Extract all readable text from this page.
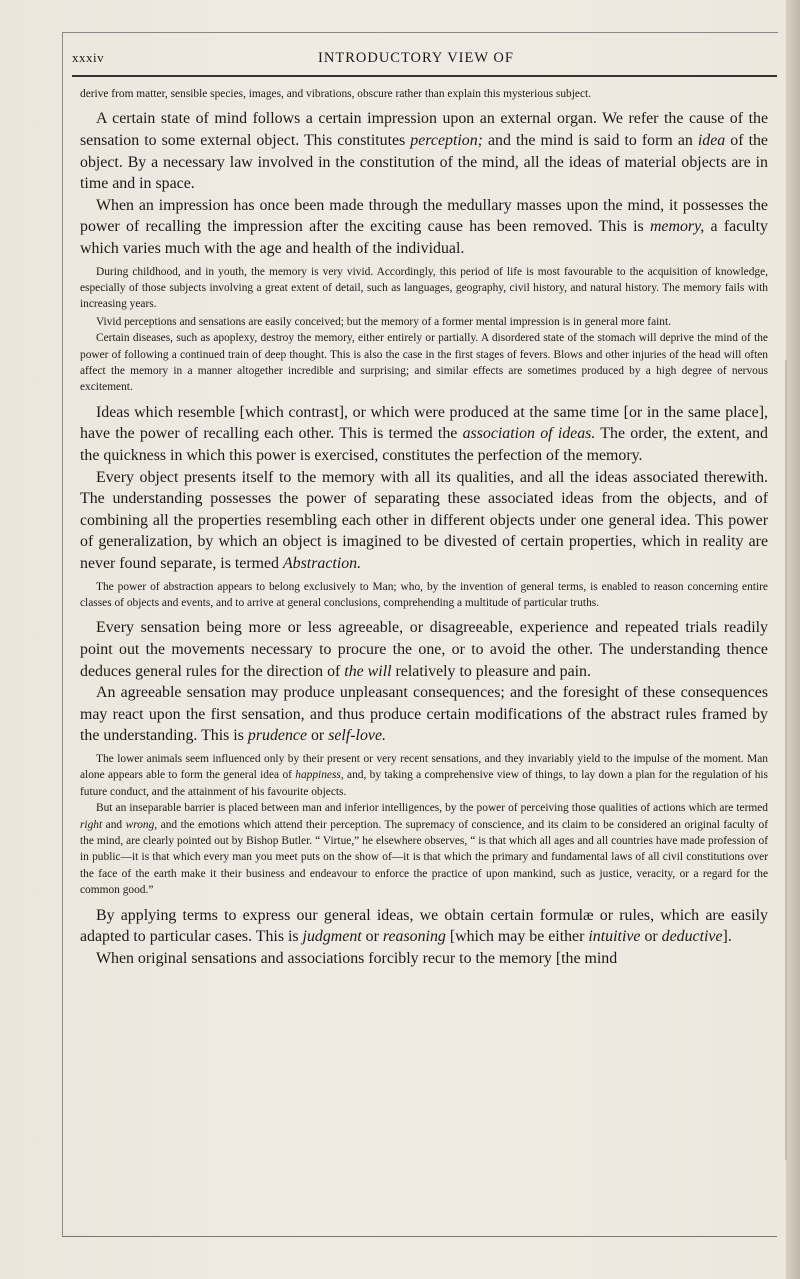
xxxiv	INTRODUCTORY VIEW OF

derive from matter, sensible species, images, and vibrations, obscure rather than explain this mysterious subject.

A certain state of mind follows a certain impression upon an external organ. We refer the cause of the sensation to some external object. This constitutes perception; and the mind is said to form an idea of the object. By a necessary law involved in the constitution of the mind, all the ideas of material objects are in time and in space.

When an impression has once been made through the medullary masses upon the mind, it possesses the power of recalling the impression after the exciting cause has been removed. This is memory, a faculty which varies much with the age and health of the individual.

During childhood, and in youth, the memory is very vivid. Accordingly, this period of life is most favourable to the acquisition of knowledge, especially of those subjects involving a great extent of detail, such as languages, geography, civil history, and natural history. The memory fails with increasing years.

Vivid perceptions and sensations are easily conceived; but the memory of a former mental impression is in general more faint.

Certain diseases, such as apoplexy, destroy the memory, either entirely or partially. A disordered state of the stomach will deprive the mind of the power of following a continued train of deep thought. This is also the case in the first stages of fevers. Blows and other injuries of the head will often affect the memory in a manner altogether incredible and surprising; and similar effects are sometimes produced by a high degree of nervous excitement.

Ideas which resemble [which contrast], or which were produced at the same time [or in the same place], have the power of recalling each other. This is termed the association of ideas. The order, the extent, and the quickness in which this power is exercised, constitutes the perfection of the memory.

Every object presents itself to the memory with all its qualities, and all the ideas associated therewith. The understanding possesses the power of separating these associated ideas from the objects, and of combining all the properties resembling each other in different objects under one general idea. This power of generalization, by which an object is imagined to be divested of certain properties, which in reality are never found separate, is termed Abstraction.

The power of abstraction appears to belong exclusively to Man; who, by the invention of general terms, is enabled to reason concerning entire classes of objects and events, and to arrive at general conclusions, comprehending a multitude of particular truths.

Every sensation being more or less agreeable, or disagreeable, experience and repeated trials readily point out the movements necessary to procure the one, or to avoid the other. The understanding thence deduces general rules for the direction of the will relatively to pleasure and pain.

An agreeable sensation may produce unpleasant consequences; and the foresight of these consequences may react upon the first sensation, and thus produce certain modifications of the abstract rules framed by the understanding. This is prudence or self-love.

The lower animals seem influenced only by their present or very recent sensations, and they invariably yield to the impulse of the moment. Man alone appears able to form the general idea of happiness, and, by taking a comprehensive view of things, to lay down a plan for the regulation of his future conduct, and the attainment of his favourite objects.

But an inseparable barrier is placed between man and inferior intelligences, by the power of perceiving those qualities of actions which are termed right and wrong, and the emotions which attend their perception. The supremacy of conscience, and its claim to be considered an original faculty of the mind, are clearly pointed out by Bishop Butler. “ Virtue,” he elsewhere observes, “ is that which all ages and all countries have made profession of in public—it is that which every man you meet puts on the show of—it is that which the primary and fundamental laws of all civil constitutions over the face of the earth make it their business and endeavour to enforce the practice of upon mankind, such as justice, veracity, or a regard for the common good.”

By applying terms to express our general ideas, we obtain certain formulæ or rules, which are easily adapted to particular cases. This is judgment or reasoning [which may be either intuitive or deductive].

When original sensations and associations forcibly recur to the memory [the mind
